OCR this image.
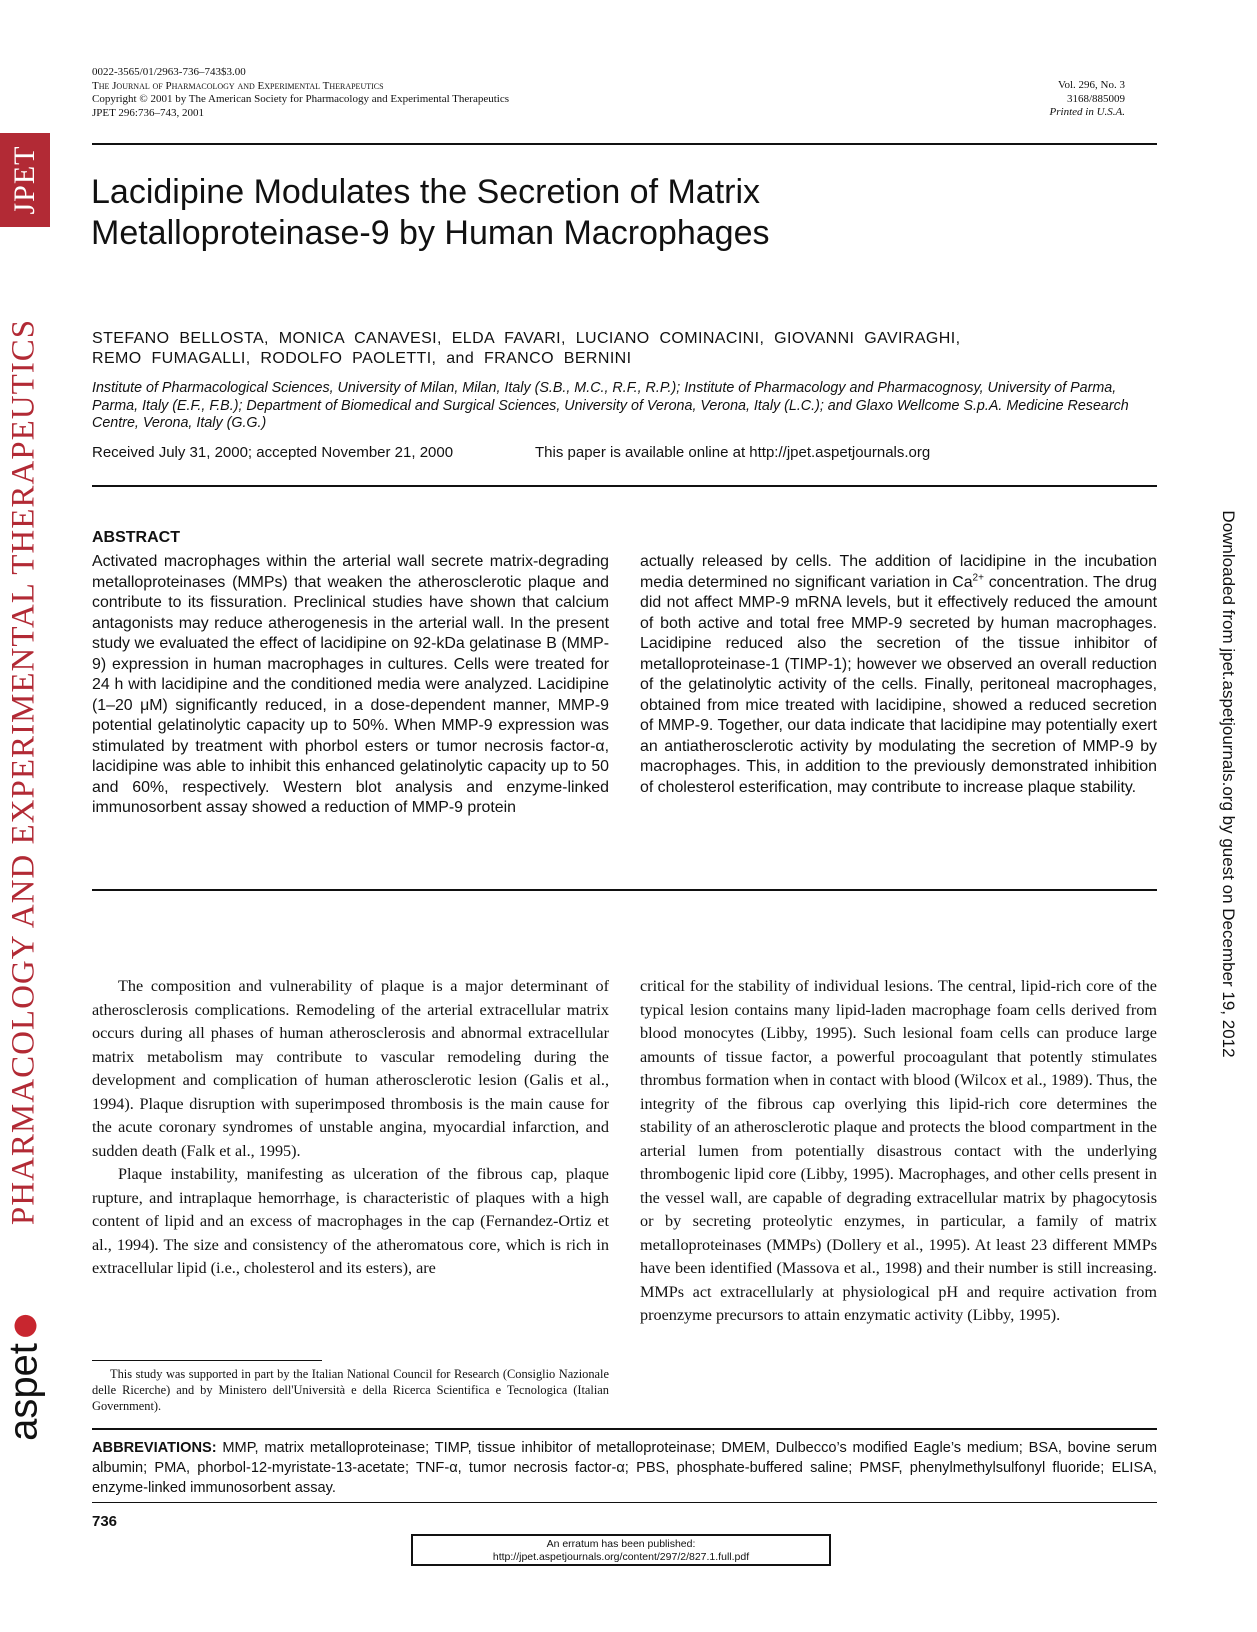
JPET
PHARMACOLOGY AND EXPERIMENTAL THERAPEUTICS
aspet
Downloaded from jpet.aspetjournals.org by guest on December 19, 2012
0022-3565/01/2963-736–743$3.00
The Journal of Pharmacology and Experimental Therapeutics
Copyright © 2001 by The American Society for Pharmacology and Experimental Therapeutics
JPET 296:736–743, 2001
Vol. 296, No. 3
3168/885009
Printed in U.S.A.
Lacidipine Modulates the Secretion of Matrix
Metalloproteinase-9 by Human Macrophages
STEFANO BELLOSTA, MONICA CANAVESI, ELDA FAVARI, LUCIANO COMINACINI, GIOVANNI GAVIRAGHI,
REMO FUMAGALLI, RODOLFO PAOLETTI, and FRANCO BERNINI
Institute of Pharmacological Sciences, University of Milan, Milan, Italy (S.B., M.C., R.F., R.P.); Institute of Pharmacology and Pharmacognosy, University of Parma, Parma, Italy (E.F., F.B.); Department of Biomedical and Surgical Sciences, University of Verona, Verona, Italy (L.C.); and Glaxo Wellcome S.p.A. Medicine Research Centre, Verona, Italy (G.G.)
Received July 31, 2000; accepted November 21, 2000	This paper is available online at http://jpet.aspetjournals.org
ABSTRACT
Activated macrophages within the arterial wall secrete matrix-degrading metalloproteinases (MMPs) that weaken the atherosclerotic plaque and contribute to its fissuration. Preclinical studies have shown that calcium antagonists may reduce atherogenesis in the arterial wall. In the present study we evaluated the effect of lacidipine on 92-kDa gelatinase B (MMP-9) expression in human macrophages in cultures. Cells were treated for 24 h with lacidipine and the conditioned media were analyzed. Lacidipine (1–20 μM) significantly reduced, in a dose-dependent manner, MMP-9 potential gelatinolytic capacity up to 50%. When MMP-9 expression was stimulated by treatment with phorbol esters or tumor necrosis factor-α, lacidipine was able to inhibit this enhanced gelatinolytic capacity up to 50 and 60%, respectively. Western blot analysis and enzyme-linked immunosorbent assay showed a reduction of MMP-9 protein
actually released by cells. The addition of lacidipine in the incubation media determined no significant variation in $Ca^{2+}$ concentration. The drug did not affect MMP-9 mRNA levels, but it effectively reduced the amount of both active and total free MMP-9 secreted by human macrophages. Lacidipine reduced also the secretion of the tissue inhibitor of metalloproteinase-1 (TIMP-1); however we observed an overall reduction of the gelatinolytic activity of the cells. Finally, peritoneal macrophages, obtained from mice treated with lacidipine, showed a reduced secretion of MMP-9. Together, our data indicate that lacidipine may potentially exert an antiatherosclerotic activity by modulating the secretion of MMP-9 by macrophages. This, in addition to the previously demonstrated inhibition of cholesterol esterification, may contribute to increase plaque stability.

The composition and vulnerability of plaque is a major determinant of atherosclerosis complications. Remodeling of the arterial extracellular matrix occurs during all phases of human atherosclerosis and abnormal extracellular matrix metabolism may contribute to vascular remodeling during the development and complication of human atherosclerotic lesion (Galis et al., 1994). Plaque disruption with superimposed thrombosis is the main cause for the acute coronary syndromes of unstable angina, myocardial infarction, and sudden death (Falk et al., 1995).

Plaque instability, manifesting as ulceration of the fibrous cap, plaque rupture, and intraplaque hemorrhage, is characteristic of plaques with a high content of lipid and an excess of macrophages in the cap (Fernandez-Ortiz et al., 1994). The size and consistency of the atheromatous core, which is rich in extracellular lipid (i.e., cholesterol and its esters), are

critical for the stability of individual lesions. The central, lipid-rich core of the typical lesion contains many lipid-laden macrophage foam cells derived from blood monocytes (Libby, 1995). Such lesional foam cells can produce large amounts of tissue factor, a powerful procoagulant that potently stimulates thrombus formation when in contact with blood (Wilcox et al., 1989). Thus, the integrity of the fibrous cap overlying this lipid-rich core determines the stability of an atherosclerotic plaque and protects the blood compartment in the arterial lumen from potentially disastrous contact with the underlying thrombogenic lipid core (Libby, 1995). Macrophages, and other cells present in the vessel wall, are capable of degrading extracellular matrix by phagocytosis or by secreting proteolytic enzymes, in particular, a family of matrix metalloproteinases (MMPs) (Dollery et al., 1995). At least 23 different MMPs have been identified (Massova et al., 1998) and their number is still increasing. MMPs act extracellularly at physiological pH and require activation from proenzyme precursors to attain enzymatic activity (Libby, 1995).

This study was supported in part by the Italian National Council for Research (Consiglio Nazionale delle Ricerche) and by Ministero dell'Università e della Ricerca Scientifica e Tecnologica (Italian Government).
ABBREVIATIONS: MMP, matrix metalloproteinase; TIMP, tissue inhibitor of metalloproteinase; DMEM, Dulbecco’s modified Eagle’s medium; BSA, bovine serum albumin; PMA, phorbol-12-myristate-13-acetate; TNF-α, tumor necrosis factor-α; PBS, phosphate-buffered saline; PMSF, phenylmethylsulfonyl fluoride; ELISA, enzyme-linked immunosorbent assay.
736
An erratum has been published:
http://jpet.aspetjournals.org/content/297/2/827.1.full.pdf
